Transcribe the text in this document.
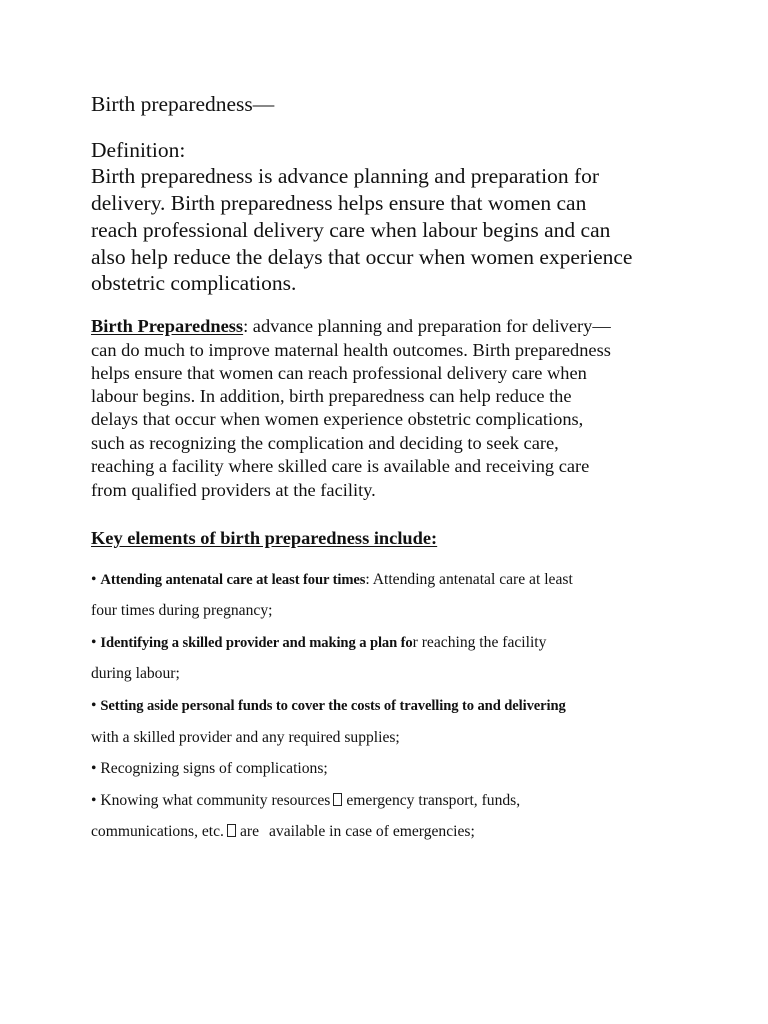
Birth preparedness—
Definition:
Birth preparedness is advance planning and preparation for
delivery. Birth preparedness helps ensure that women can
reach professional delivery care when labour begins and can
also help reduce the delays that occur when women experience
obstetric complications.
Birth Preparedness: advance planning and preparation for delivery—
can do much to improve maternal health outcomes. Birth preparedness
helps ensure that women can reach professional delivery care when
labour begins. In addition, birth preparedness can help reduce the
delays that occur when women experience obstetric complications,
such as recognizing the complication and deciding to seek care,
reaching a facility where skilled care is available and receiving care
from qualified providers at the facility.
Key elements of birth preparedness include:
• Attending antenatal care at least four times: Attending antenatal care at least
four times during pregnancy;
• Identifying a skilled provider and making a plan for reaching the facility
during labour;
• Setting aside personal funds to cover the costs of travelling to and delivering
with a skilled provider and any required supplies;
• Recognizing signs of complications;
• Knowing what community resources emergency transport, funds,
communications, etc. are available in case of emergencies;
